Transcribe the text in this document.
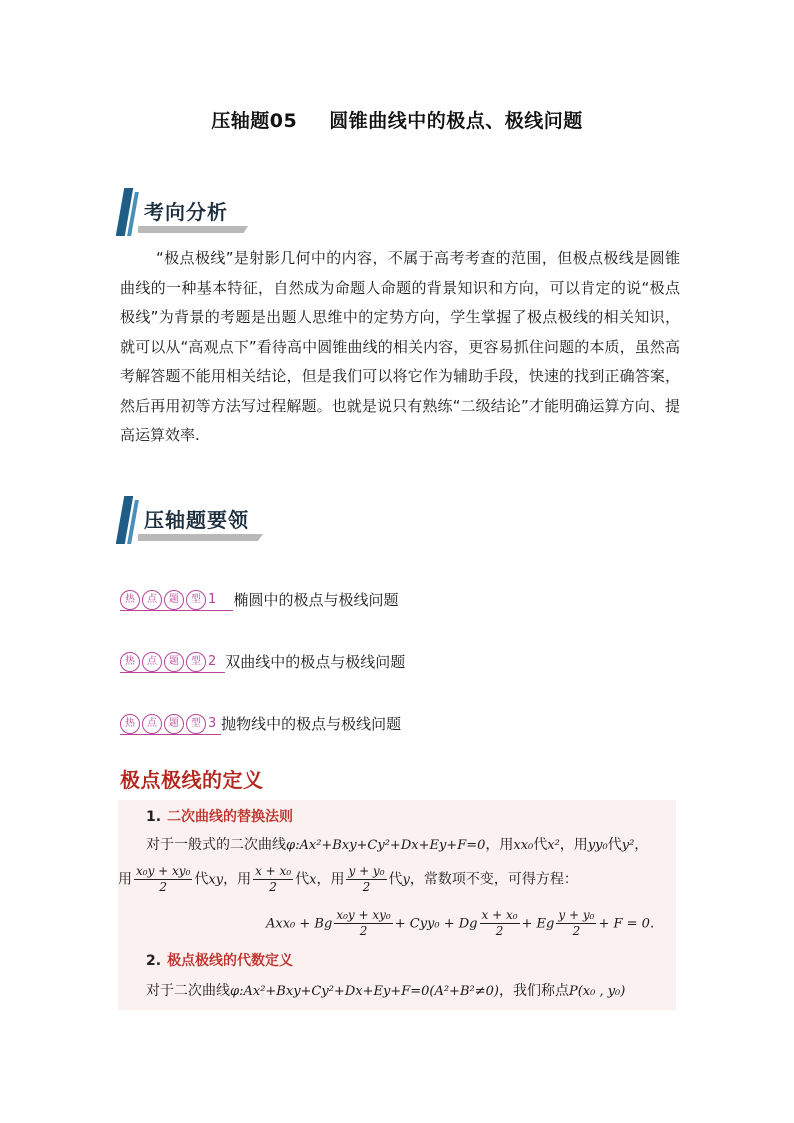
压轴题05 圆锥曲线中的极点、极线问题
考向分析
“极点极线”是射影几何中的内容，不属于高考考查的范围，但极点极线是圆锥曲线的一种基本特征，自然成为命题人命题的背景知识和方向，可以肯定的说“极点极线”为背景的考题是出题人思维中的定势方向，学生掌握了极点极线的相关知识，就可以从“高观点下”看待高中圆锥曲线的相关内容，更容易抓住问题的本质，虽然高考解答题不能用相关结论，但是我们可以将它作为辅助手段，快速的找到正确答案，然后再用初等方法写过程解题。也就是说只有熟练“二级结论”才能明确运算方向、提高运算效率.
压轴题要领
热 点 题 型 1 椭圆中的极点与极线问题
热 点 题 型 2 双曲线中的极点与极线问题
热 点 题 型 3 抛物线中的极点与极线问题
极点极线的定义
1. 二次曲线的替换法则
对于一般式的二次曲线φ:Ax²+Bxy+Cy²+Dx+Ey+F=0，用xx₀代x²，用yy₀代y²，
用 $\frac{\text{x₀y + xy₀}}{2}$ 代xy，用 $\frac{\text{x + x₀}}{2}$ 代x，用 $\frac{\text{y + y₀}}{2}$ 代y，常数项不变，可得方程：
Axx₀ + Bg $\frac{\text{x₀y + xy₀}}{2} + Cyy_0 + Dg \frac{\text{x + x₀}}{2} + Eg \frac{\text{y + y₀}}{2} + F = 0$.
2. 极点极线的代数定义
对于二次曲线φ:Ax²+Bxy+Cy²+Dx+Ey+F=0(A²+B²≠0)，我们称点P(x₀ , y₀)
